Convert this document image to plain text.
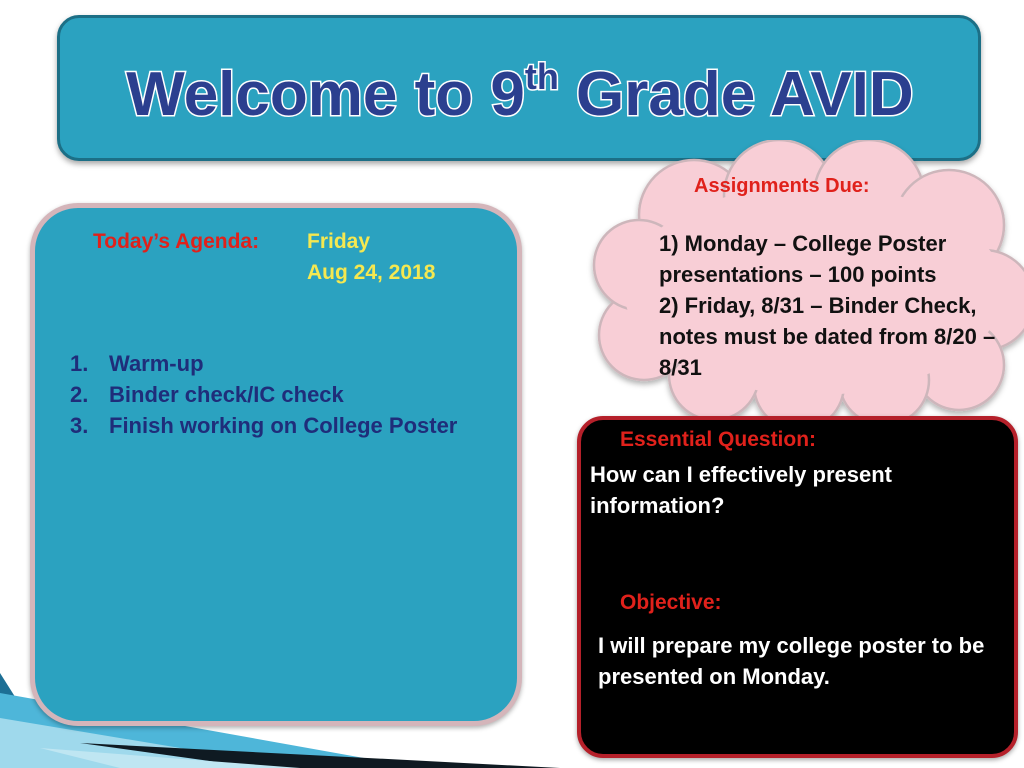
Welcome to 9th Grade AVID
Today’s Agenda: Friday
Aug 24, 2018
1. Warm-up
2. Binder check/IC check
3. Finish working on College Poster
Assignments Due:

1) Monday – College Poster presentations – 100 points

2) Friday, 8/31 – Binder Check, notes must be dated from 8/20 – 8/31

Essential Question:
How can I effectively present information?
Objective:
I will prepare my college poster to be presented on Monday.
